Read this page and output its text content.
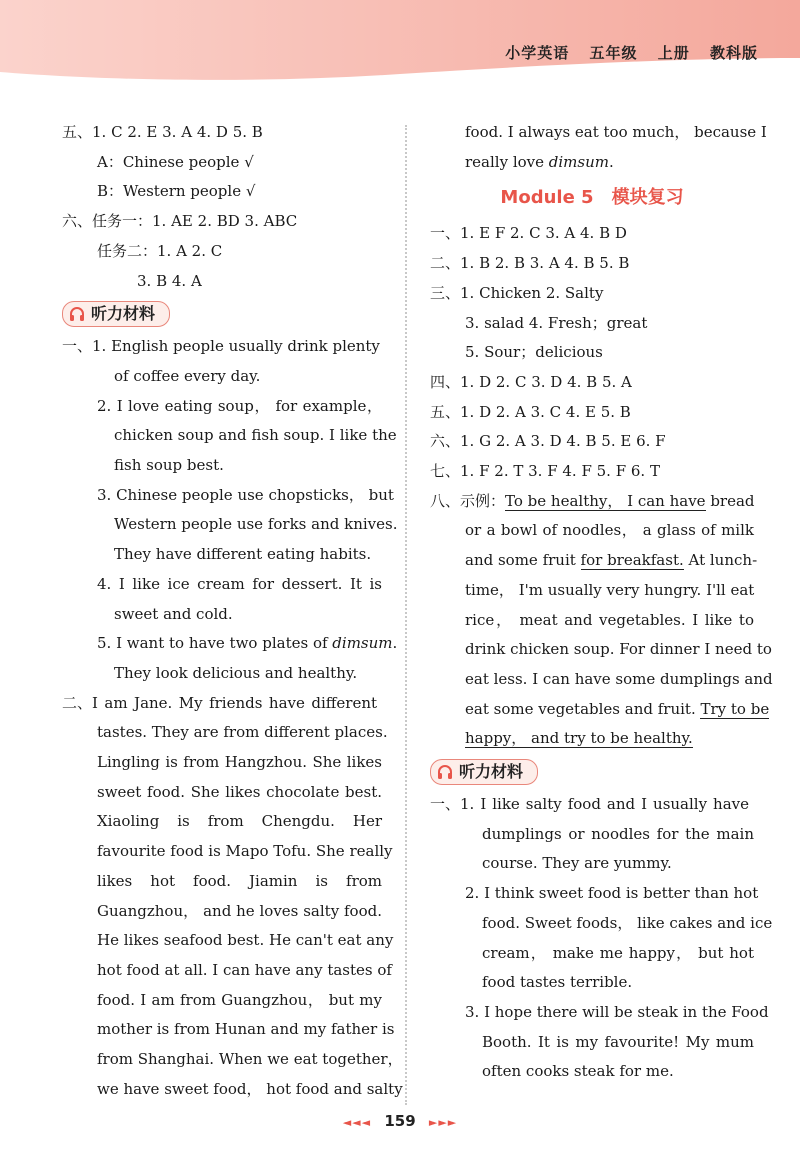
小学英语 五年级 上册 教科版
五、1. C 2. E 3. A 4. D 5. B
A：Chinese people √
B：Western people √
六、任务一：1. AE 2. BD 3. ABC
任务二：1. A 2. C
3. B 4. A
听力材料
一、1. English people usually drink plenty
of coffee every day.
2. I love eating soup， for example，
chicken soup and fish soup. I like the
fish soup best.
3. Chinese people use chopsticks， but
Western people use forks and knives.
They have different eating habits.
4. I like ice cream for dessert. It is
sweet and cold.
5. I want to have two plates of dimsum.
They look delicious and healthy.
二、I am Jane. My friends have different
tastes. They are from different places.
Lingling is from Hangzhou. She likes
sweet food. She likes chocolate best.
Xiaoling is from Chengdu. Her
favourite food is Mapo Tofu. She really
likes hot food. Jiamin is from
Guangzhou， and he loves salty food.
He likes seafood best. He can't eat any
hot food at all. I can have any tastes of
food. I am from Guangzhou， but my
mother is from Hunan and my father is
from Shanghai. When we eat together，
we have sweet food， hot food and salty
food. I always eat too much， because I
really love dimsum.
Module 5 模块复习
一、1. E F 2. C 3. A 4. B D
二、1. B 2. B 3. A 4. B 5. B
三、1. Chicken 2. Salty
3. salad 4. Fresh；great
5. Sour；delicious
四、1. D 2. C 3. D 4. B 5. A
五、1. D 2. A 3. C 4. E 5. B
六、1. G 2. A 3. D 4. B 5. E 6. F
七、1. F 2. T 3. F 4. F 5. F 6. T
八、示例：To be healthy， I can have bread
or a bowl of noodles， a glass of milk
and some fruit for breakfast. At lunch-
time， I'm usually very hungry. I'll eat
rice， meat and vegetables. I like to
drink chicken soup. For dinner I need to
eat less. I can have some dumplings and
eat some vegetables and fruit. Try to be
happy， and try to be healthy.
听力材料
一、1. I like salty food and I usually have
dumplings or noodles for the main
course. They are yummy.
2. I think sweet food is better than hot
food. Sweet foods， like cakes and ice
cream， make me happy， but hot
food tastes terrible.
3. I hope there will be steak in the Food
Booth. It is my favourite! My mum
often cooks steak for me.
◄◄◄ 159 ►►►
